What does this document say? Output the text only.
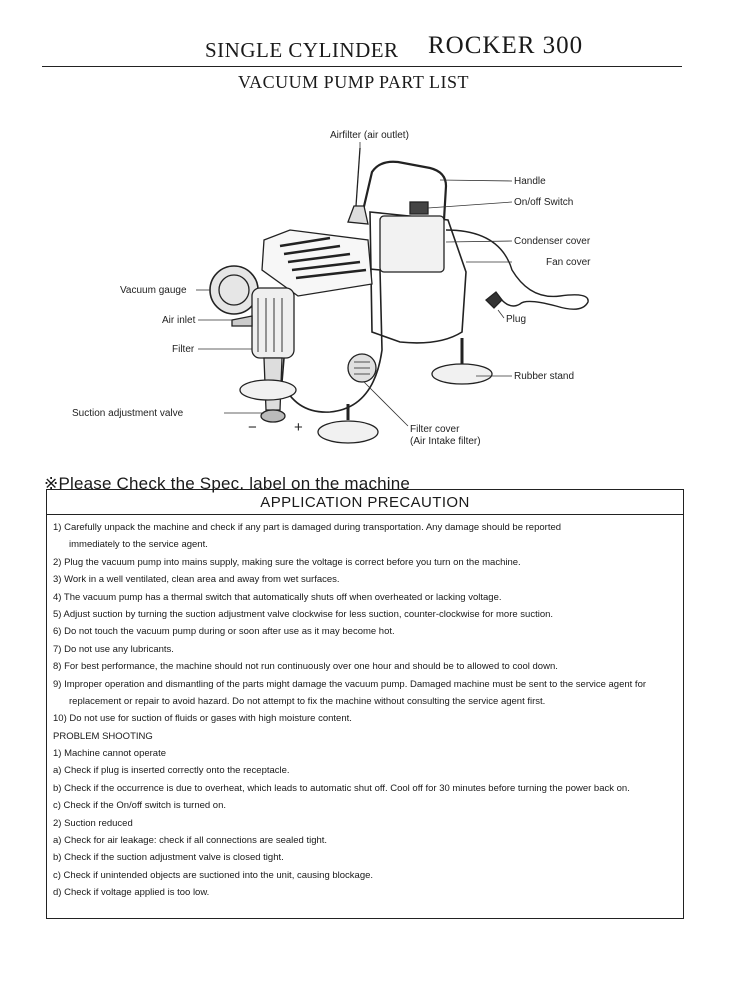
SINGLE CYLINDER ROCKER 300
VACUUM PUMP PART LIST
Airfilter (air outlet)
Handle
On/off Switch
Condenser cover
Fan cover
Vacuum gauge
Plug
Air inlet
Filter
Rubber stand
Suction adjustment valve
Filter cover
(Air Intake filter)
− +
※Please Check the Spec. label on the machine
APPLICATION PRECAUTION
1) Carefully unpack the machine and check if any part is damaged during transportation. Any damage should be reported
immediately to the service agent.
2) Plug the vacuum pump into mains supply, making sure the voltage is correct before you turn on the machine.
3) Work in a well ventilated, clean area and away from wet surfaces.
4) The vacuum pump has a thermal switch that automatically shuts off when overheated or lacking voltage.
5) Adjust suction by turning the suction adjustment valve clockwise for less suction, counter-clockwise for more suction.
6) Do not touch the vacuum pump during or soon after use as it may become hot.
7) Do not use any lubricants.
8) For best performance, the machine should not run continuously over one hour and should be to allowed to cool down.
9) Improper operation and dismantling of the parts might damage the vacuum pump. Damaged machine must be sent to the service agent for
replacement or repair to avoid hazard. Do not attempt to fix the machine without consulting the service agent first.
10) Do not use for suction of fluids or gases with high moisture content.
PROBLEM SHOOTING
1) Machine cannot operate
a) Check if plug is inserted correctly onto the receptacle.
b) Check if the occurrence is due to overheat, which leads to automatic shut off. Cool off for 30 minutes before turning the power back on.
c) Check if the On/off switch is turned on.
2) Suction reduced
a) Check for air leakage: check if all connections are sealed tight.
b) Check if the suction adjustment valve is closed tight.
c) Check if unintended objects are suctioned into the unit, causing blockage.
d) Check if voltage applied is too low.
